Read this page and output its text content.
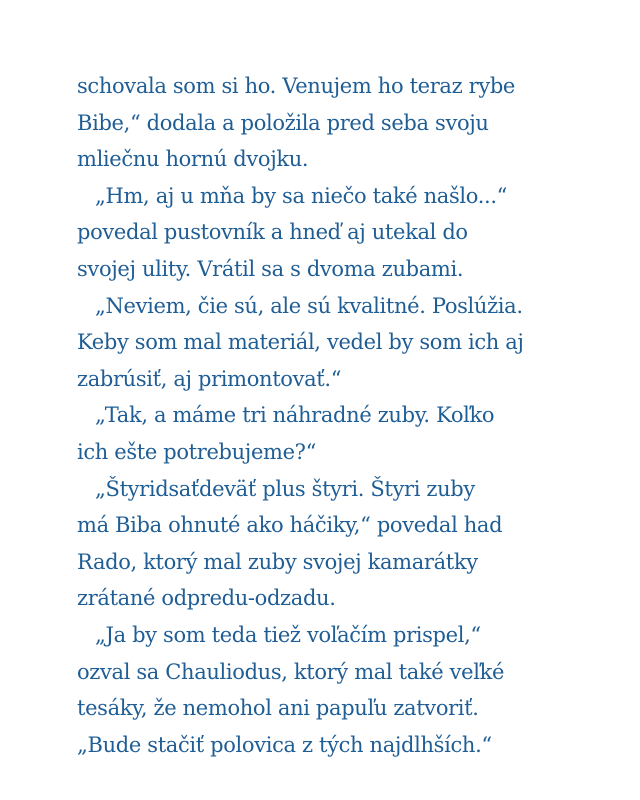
schovala som si ho. Venujem ho teraz rybe
Bibe,“ dodala a položila pred seba svoju
mliečnu hornú dvojku.
„Hm, aj u mňa by sa niečo také našlo...“
povedal pustovník a hneď aj utekal do
svojej ulity. Vrátil sa s dvoma zubami.
„Neviem, čie sú, ale sú kvalitné. Poslúžia.
Keby som mal materiál, vedel by som ich aj
zabrúsiť, aj primontovať.“
„Tak, a máme tri náhradné zuby. Koľko
ich ešte potrebujeme?“
„Štyridsaťdeväť plus štyri. Štyri zuby
má Biba ohnuté ako háčiky,“ povedal had
Rado, ktorý mal zuby svojej kamarátky
zrátané odpredu-odzadu.
„Ja by som teda tiež voľačím prispel,“
ozval sa Chauliodus, ktorý mal také veľké
tesáky, že nemohol ani papuľu zatvoriť.
„Bude stačiť polovica z tých najdlhších.“
